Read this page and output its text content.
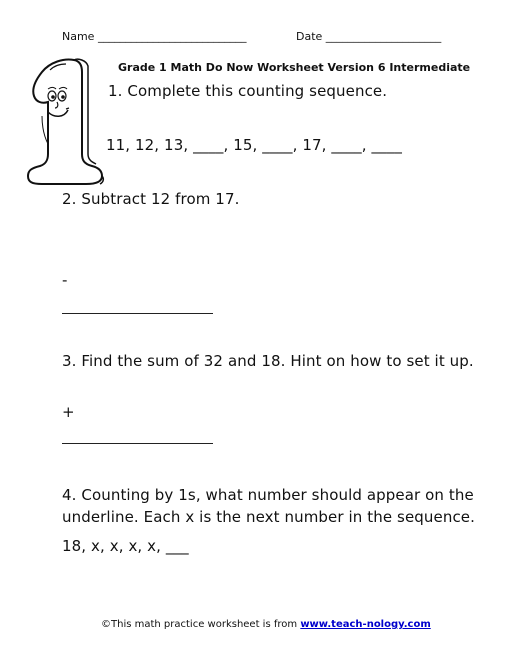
Name ___________________________	Date _____________________
Grade 1 Math Do Now Worksheet Version 6 Intermediate
1. Complete this counting sequence.
11, 12, 13, ____, 15, ____, 17, ____, ____
2. Subtract 12 from 17.
-
3. Find the sum of 32 and 18. Hint on how to set it up.
+
4. Counting by 1s, what number should appear on the
underline. Each x is the next number in the sequence.
18, x, x, x, x, ___
©This math practice worksheet is from www.teach-nology.com
